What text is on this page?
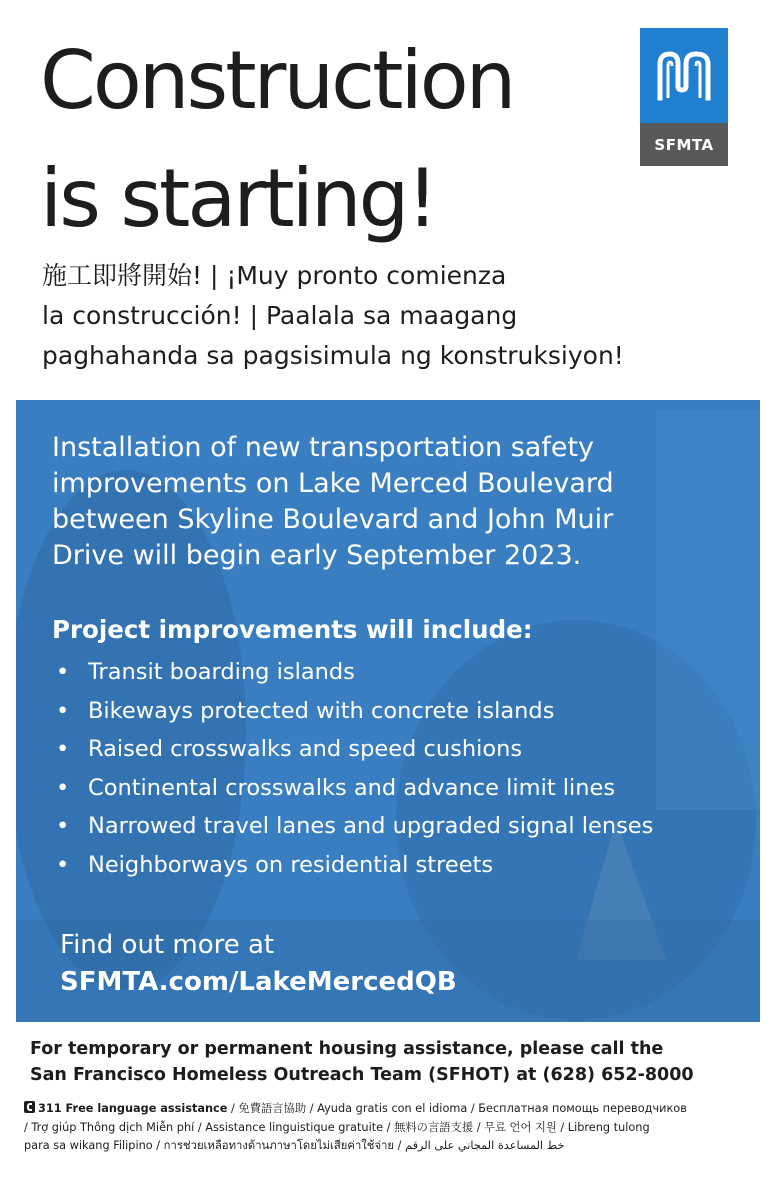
Construction
is starting!
SFMTA
施工即將開始! | ¡Muy pronto comienza
la construcción! | Paalala sa maagang
paghahanda sa pagsisimula ng konstruksiyon!
Installation of new transportation safety
improvements on Lake Merced Boulevard
between Skyline Boulevard and John Muir
Drive will begin early September 2023.
Project improvements will include:
• Transit boarding islands
• Bikeways protected with concrete islands
• Raised crosswalks and speed cushions
• Continental crosswalks and advance limit lines
• Narrowed travel lanes and upgraded signal lenses
• Neighborways on residential streets
Find out more at
SFMTA.com/LakeMercedQB
For temporary or permanent housing assistance, please call the
San Francisco Homeless Outreach Team (SFHOT) at (628) 652-8000
311 Free language assistance / 免費語言協助 / Ayuda gratis con el idioma / Бесплатная помощь переводчиков
/ Trợ giúp Thông dịch Miễn phí / Assistance linguistique gratuite / 無料の言語支援 / 무료 언어 지원 / Libreng tulong
para sa wikang Filipino / การช่วยเหลือทางด้านภาษาโดยไม่เสียค่าใช้จ่าย / خط المساعدة المجاني على الرقم
